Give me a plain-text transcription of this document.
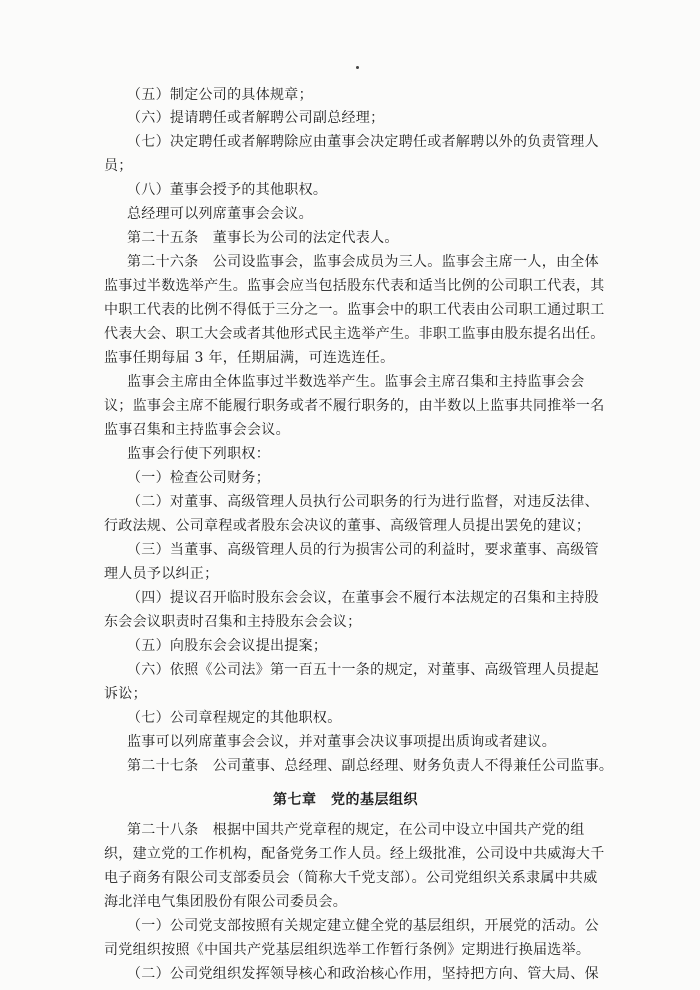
（五）制定公司的具体规章；
（六）提请聘任或者解聘公司副总经理；
（七）决定聘任或者解聘除应由董事会决定聘任或者解聘以外的负责管理人
员；
（八）董事会授予的其他职权。
总经理可以列席董事会会议。
第二十五条　董事长为公司的法定代表人。
第二十六条　公司设监事会，监事会成员为三人。监事会主席一人，由全体
监事过半数选举产生。监事会应当包括股东代表和适当比例的公司职工代表，其
中职工代表的比例不得低于三分之一。监事会中的职工代表由公司职工通过职工
代表大会、职工大会或者其他形式民主选举产生。非职工监事由股东提名出任。
监事任期每届 3 年，任期届满，可连选连任。
监事会主席由全体监事过半数选举产生。监事会主席召集和主持监事会会
议；监事会主席不能履行职务或者不履行职务的，由半数以上监事共同推举一名
监事召集和主持监事会会议。
监事会行使下列职权：
（一）检查公司财务；
（二）对董事、高级管理人员执行公司职务的行为进行监督，对违反法律、
行政法规、公司章程或者股东会决议的董事、高级管理人员提出罢免的建议；
（三）当董事、高级管理人员的行为损害公司的利益时，要求董事、高级管
理人员予以纠正；
（四）提议召开临时股东会会议，在董事会不履行本法规定的召集和主持股
东会会议职责时召集和主持股东会会议；
（五）向股东会会议提出提案；
（六）依照《公司法》第一百五十一条的规定，对董事、高级管理人员提起
诉讼；
（七）公司章程规定的其他职权。
监事可以列席董事会会议，并对董事会决议事项提出质询或者建议。
第二十七条　公司董事、总经理、副总经理、财务负责人不得兼任公司监事。
第七章　党的基层组织
第二十八条　根据中国共产党章程的规定，在公司中设立中国共产党的组
织，建立党的工作机构，配备党务工作人员。经上级批准，公司设中共威海大千
电子商务有限公司支部委员会（简称大千党支部）。公司党组织关系隶属中共威
海北洋电气集团股份有限公司委员会。
（一）公司党支部按照有关规定建立健全党的基层组织，开展党的活动。公
司党组织按照《中国共产党基层组织选举工作暂行条例》定期进行换届选举。
（二）公司党组织发挥领导核心和政治核心作用，坚持把方向、管大局、保
